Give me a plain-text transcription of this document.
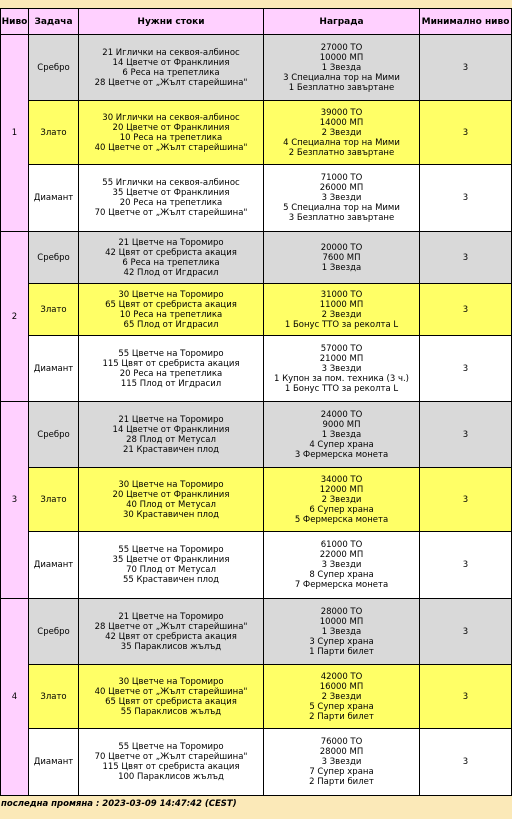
Ниво	Задача	Нужни стоки	Награда	Минимално ниво
1	Сребро	21 Иглички на секвоя-албинос
14 Цветче от Франклиния
6 Реса на трепетлика
28 Цветче от „Жълт старейшина"	27000 ТО
10000 МП
1 Звезда
3 Специална тор на Мими
1 Безплатно завъртане	3
	Злато	30 Иглички на секвоя-албинос
20 Цветче от Франклиния
10 Реса на трепетлика
40 Цветче от „Жълт старейшина"	39000 ТО
14000 МП
2 Звезди
4 Специална тор на Мими
2 Безплатно завъртане	3
	Диамант	55 Иглички на секвоя-албинос
35 Цветче от Франклиния
20 Реса на трепетлика
70 Цветче от „Жълт старейшина"	71000 ТО
26000 МП
3 Звезди
5 Специална тор на Мими
3 Безплатно завъртане	3
2	Сребро	21 Цветче на Торомиро
42 Цвят от сребриста акация
6 Реса на трепетлика
42 Плод от Игдрасил	20000 ТО
7600 МП
1 Звезда	3
	Злато	30 Цветче на Торомиро
65 Цвят от сребриста акация
10 Реса на трепетлика
65 Плод от Игдрасил	31000 ТО
11000 МП
2 Звезди
1 Бонус ТТО за реколта L	3
	Диамант	55 Цветче на Торомиро
115 Цвят от сребриста акация
20 Реса на трепетлика
115 Плод от Игдрасил	57000 ТО
21000 МП
3 Звезди
1 Купон за пом. техника (3 ч.)
1 Бонус ТТО за реколта L	3
3	Сребро	21 Цветче на Торомиро
14 Цветче от Франклиния
28 Плод от Метусал
21 Краставичен плод	24000 ТО
9000 МП
1 Звезда
4 Супер храна
3 Фермерска монета	3
	Злато	30 Цветче на Торомиро
20 Цветче от Франклиния
40 Плод от Метусал
30 Краставичен плод	34000 ТО
12000 МП
2 Звезди
6 Супер храна
5 Фермерска монета	3
	Диамант	55 Цветче на Торомиро
35 Цветче от Франклиния
70 Плод от Метусал
55 Краставичен плод	61000 ТО
22000 МП
3 Звезди
8 Супер храна
7 Фермерска монета	3
4	Сребро	21 Цветче на Торомиро
28 Цветче от „Жълт старейшина"
42 Цвят от сребриста акация
35 Параклисов жълъд	28000 ТО
10000 МП
1 Звезда
3 Супер храна
1 Парти билет	3
	Злато	30 Цветче на Торомиро
40 Цветче от „Жълт старейшина"
65 Цвят от сребриста акация
55 Параклисов жълъд	42000 ТО
16000 МП
2 Звезди
5 Супер храна
2 Парти билет	3
	Диамант	55 Цветче на Торомиро
70 Цветче от „Жълт старейшина"
115 Цвят от сребриста акация
100 Параклисов жълъд	76000 ТО
28000 МП
3 Звезди
7 Супер храна
2 Парти билет	3
последна промяна : 2023-03-09 14:47:42 (CEST)
